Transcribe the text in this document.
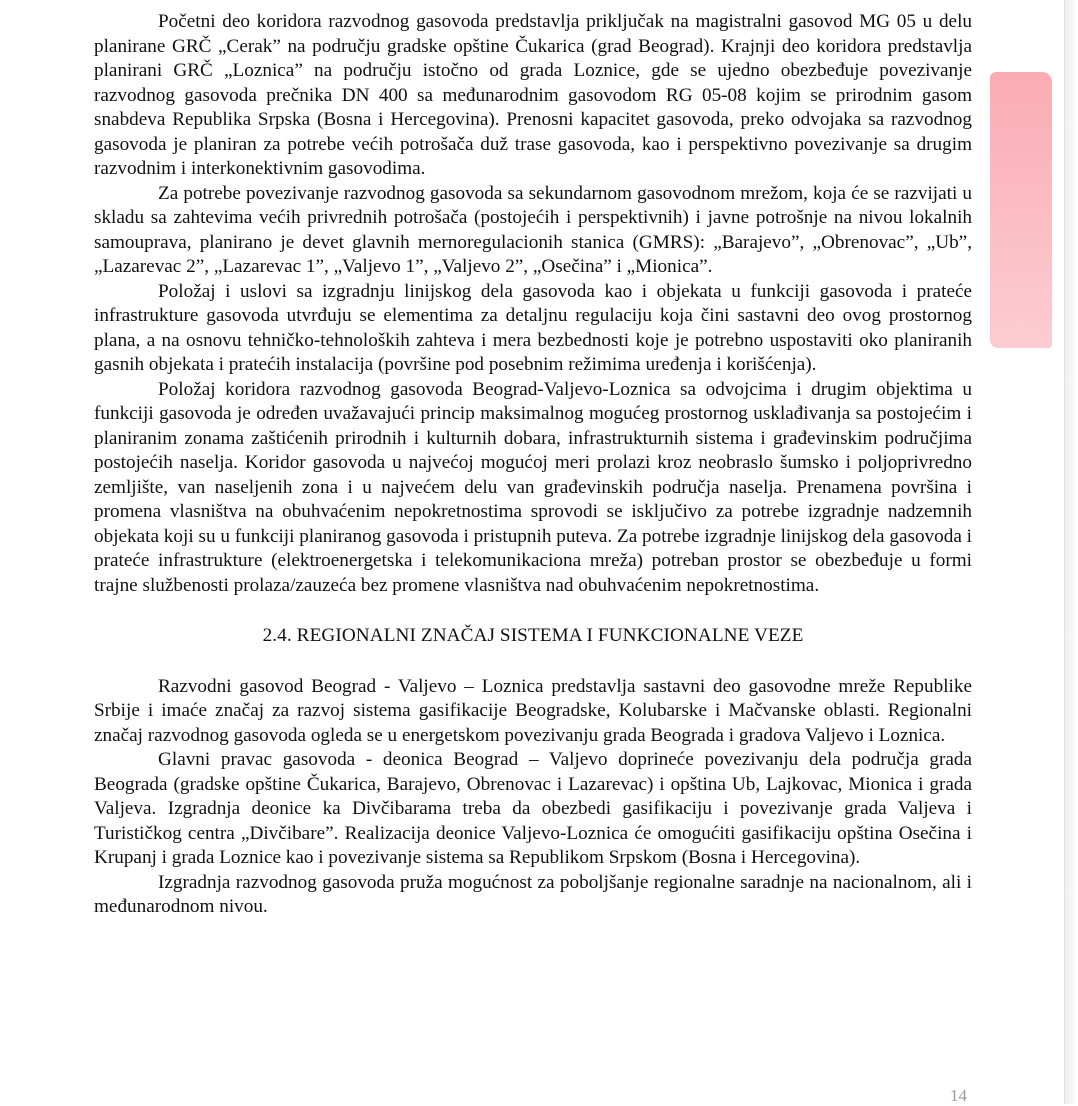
Početni deo koridora razvodnog gasovoda predstavlja priključak na magistralni gasovod MG 05 u delu planirane GRČ „Cerak” na području gradske opštine Čukarica (grad Beograd). Krajnji deo koridora predstavlja planirani GRČ „Loznica” na području istočno od grada Loznice, gde se ujedno obezbeđuje povezivanje razvodnog gasovoda prečnika DN 400 sa međunarodnim gasovodom RG 05-08 kojim se prirodnim gasom snabdeva Republika Srpska (Bosna i Hercegovina). Prenosni kapacitet gasovoda, preko odvojaka sa razvodnog gasovoda je planiran za potrebe većih potrošača duž trase gasovoda, kao i perspektivno povezivanje sa drugim razvodnim i interkonektivnim gasovodima.

Za potrebe povezivanje razvodnog gasovoda sa sekundarnom gasovodnom mrežom, koja će se razvijati u skladu sa zahtevima većih privrednih potrošača (postojećih i perspektivnih) i javne potrošnje na nivou lokalnih samouprava, planirano je devet glavnih mernoregulacionih stanica (GMRS): „Barajevo”, „Obrenovac”, „Ub”, „Lazarevac 2”, „Lazarevac 1”, „Valjevo 1”, „Valjevo 2”, „Osečina” i „Mionica”.

Položaj i uslovi sa izgradnju linijskog dela gasovoda kao i objekata u funkciji gasovoda i prateće infrastrukture gasovoda utvrđuju se elementima za detaljnu regulaciju koja čini sastavni deo ovog prostornog plana, a na osnovu tehničko-tehnoloških zahteva i mera bezbednosti koje je potrebno uspostaviti oko planiranih gasnih objekata i pratećih instalacija (površine pod posebnim režimima uređenja i korišćenja).

Položaj koridora razvodnog gasovoda Beograd-Valjevo-Loznica sa odvojcima i drugim objektima u funkciji gasovoda je određen uvažavajući princip maksimalnog mogućeg prostornog usklađivanja sa postojećim i planiranim zonama zaštićenih prirodnih i kulturnih dobara, infrastrukturnih sistema i građevinskim područjima postojećih naselja. Koridor gasovoda u najvećoj mogućoj meri prolazi kroz neobraslo šumsko i poljoprivredno zemljište, van naseljenih zona i u najvećem delu van građevinskih područja naselja. Prenamena površina i promena vlasništva na obuhvaćenim nepokretnostima sprovodi se isključivo za potrebe izgradnje nadzemnih objekata koji su u funkciji planiranog gasovoda i pristupnih puteva. Za potrebe izgradnje linijskog dela gasovoda i prateće infrastrukture (elektroenergetska i telekomunikaciona mreža) potreban prostor se obezbeđuje u formi trajne službenosti prolaza/zauzeća bez promene vlasništva nad obuhvaćenim nepokretnostima.

2.4. REGIONALNI ZNAČAJ SISTEMA I FUNKCIONALNE VEZE

Razvodni gasovod Beograd - Valjevo – Loznica predstavlja sastavni deo gasovodne mreže Republike Srbije i imaće značaj za razvoj sistema gasifikacije Beogradske, Kolubarske i Mačvanske oblasti. Regionalni značaj razvodnog gasovoda ogleda se u energetskom povezivanju grada Beograda i gradova Valjevo i Loznica.

Glavni pravac gasovoda - deonica Beograd – Valjevo doprineće povezivanju dela područja grada Beograda (gradske opštine Čukarica, Barajevo, Obrenovac i Lazarevac) i opština Ub, Lajkovac, Mionica i grada Valjeva. Izgradnja deonice ka Divčibarama treba da obezbedi gasifikaciju i povezivanje grada Valjeva i Turističkog centra „Divčibare”. Realizacija deonice Valjevo-Loznica će omogućiti gasifikaciju opština Osečina i Krupanj i grada Loznice kao i povezivanje sistema sa Republikom Srpskom (Bosna i Hercegovina).

Izgradnja razvodnog gasovoda pruža mogućnost za poboljšanje regionalne saradnje na nacionalnom, ali i međunarodnom nivou.

14
